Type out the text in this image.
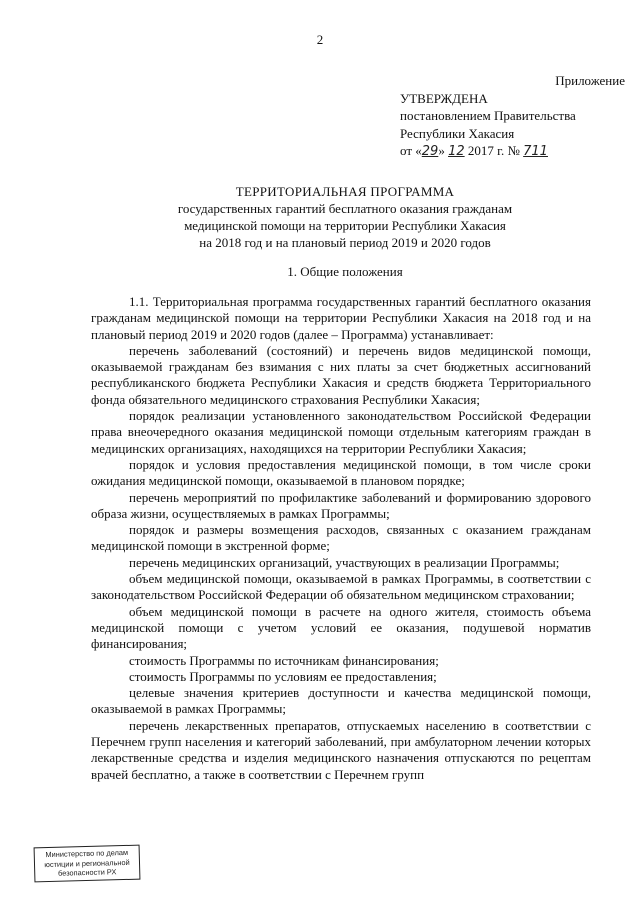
2
Приложение
УТВЕРЖДЕНА
постановлением Правительства
Республики Хакасия
от «29» 12 2017 г. № 711
ТЕРРИТОРИАЛЬНАЯ ПРОГРАММА
государственных гарантий бесплатного оказания гражданам
медицинской помощи на территории Республики Хакасия
на 2018 год и на плановый период 2019 и 2020 годов
1. Общие положения

1.1. Территориальная программа государственных гарантий бесплатного оказания гражданам медицинской помощи на территории Республики Хакасия на 2018 год и на плановый период 2019 и 2020 годов (далее – Программа) устанавливает:

перечень заболеваний (состояний) и перечень видов медицинской помощи, оказываемой гражданам без взимания с них платы за счет бюджетных ассигнований республиканского бюджета Республики Хакасия и средств бюджета Территориального фонда обязательного медицинского страхования Республики Хакасия;

порядок реализации установленного законодательством Российской Федерации права внеочередного оказания медицинской помощи отдельным категориям граждан в медицинских организациях, находящихся на территории Республики Хакасия;

порядок и условия предоставления медицинской помощи, в том числе сроки ожидания медицинской помощи, оказываемой в плановом порядке;

перечень мероприятий по профилактике заболеваний и формированию здорового образа жизни, осуществляемых в рамках Программы;

порядок и размеры возмещения расходов, связанных с оказанием гражданам медицинской помощи в экстренной форме;

перечень медицинских организаций, участвующих в реализации Программы;

объем медицинской помощи, оказываемой в рамках Программы, в соответствии с законодательством Российской Федерации об обязательном медицинском страховании;

объем медицинской помощи в расчете на одного жителя, стоимость объема медицинской помощи с учетом условий ее оказания, подушевой норматив финансирования;

стоимость Программы по источникам финансирования;

стоимость Программы по условиям ее предоставления;

целевые значения критериев доступности и качества медицинской помощи, оказываемой в рамках Программы;

перечень лекарственных препаратов, отпускаемых населению в соответствии с Перечнем групп населения и категорий заболеваний, при амбулаторном лечении которых лекарственные средства и изделия медицинского назначения отпускаются по рецептам врачей бесплатно, а также в соответствии с Перечнем групп

Министерство по делам
юстиции и региональной
безопасности РХ
